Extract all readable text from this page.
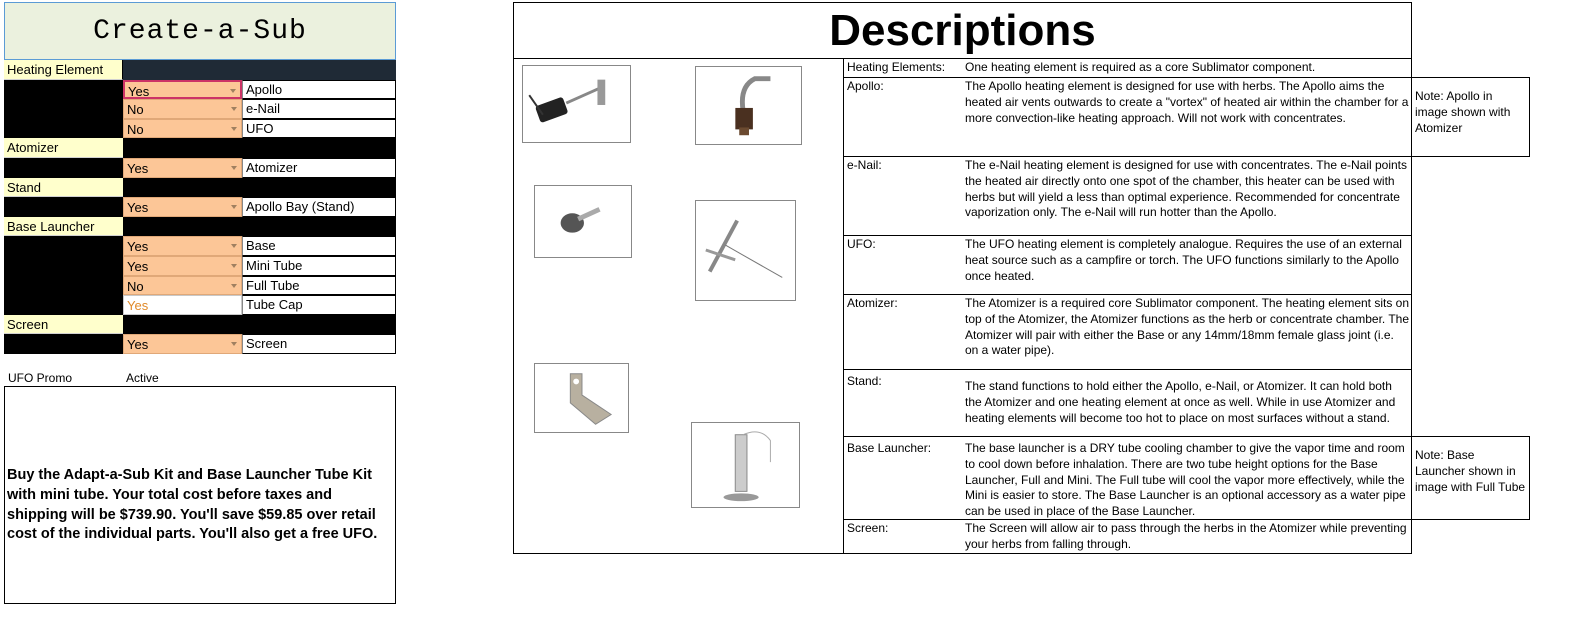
Create-a-Sub
Heating Element
Yes	Apollo
No	e-Nail
No	UFO
Atomizer
Yes	Atomizer
Stand
Yes	Apollo Bay (Stand)
Base Launcher
Yes	Base
Yes	Mini Tube
No	Full Tube
Yes	Tube Cap
Screen
Yes	Screen
UFO Promo	Active
Buy the Adapt-a-Sub Kit and Base Launcher Tube Kit with mini tube. Your total cost before taxes and shipping will be $739.90. You'll save $59.85 over retail cost of the individual parts. You'll also get a free UFO.
Descriptions
Heating Elements: One heating element is required as a core Sublimator component.
Apollo:	The Apollo heating element is designed for use with herbs. The Apollo aims the heated air vents outwards to create a "vortex" of heated air within the chamber for a more convection-like heating approach. Will not work with concentrates.
e-Nail:	The e-Nail heating element is designed for use with concentrates. The e-Nail points the heated air directly onto one spot of the chamber, this heater can be used with herbs but will yield a less than optimal experience. Recommended for concentrate vaporization only. The e-Nail will run hotter than the Apollo.
UFO:	The UFO heating element is completely analogue. Requires the use of an external heat source such as a campfire or torch. The UFO functions similarly to the Apollo once heated.
Atomizer:	The Atomizer is a required core Sublimator component. The heating element sits on top of the Atomizer, the Atomizer functions as the herb or concentrate chamber. The Atomizer will pair with either the Base or any 14mm/18mm female glass joint (i.e. on a water pipe).
Stand:	The stand functions to hold either the Apollo, e-Nail, or Atomizer. It can hold both the Atomizer and one heating element at once as well. While in use Atomizer and heating elements will become too hot to place on most surfaces without a stand.
Base Launcher:	The base launcher is a DRY tube cooling chamber to give the vapor time and room to cool down before inhalation. There are two tube height options for the Base Launcher, Full and Mini. The Full tube will cool the vapor more effectively, while the Mini is easier to store. The Base Launcher is an optional accessory as a water pipe can be used in place of the Base Launcher.
Screen:	The Screen will allow air to pass through the herbs in the Atomizer while preventing your herbs from falling through.
Note: Apollo in image shown with Atomizer
Note: Base Launcher shown in image with Full Tube
